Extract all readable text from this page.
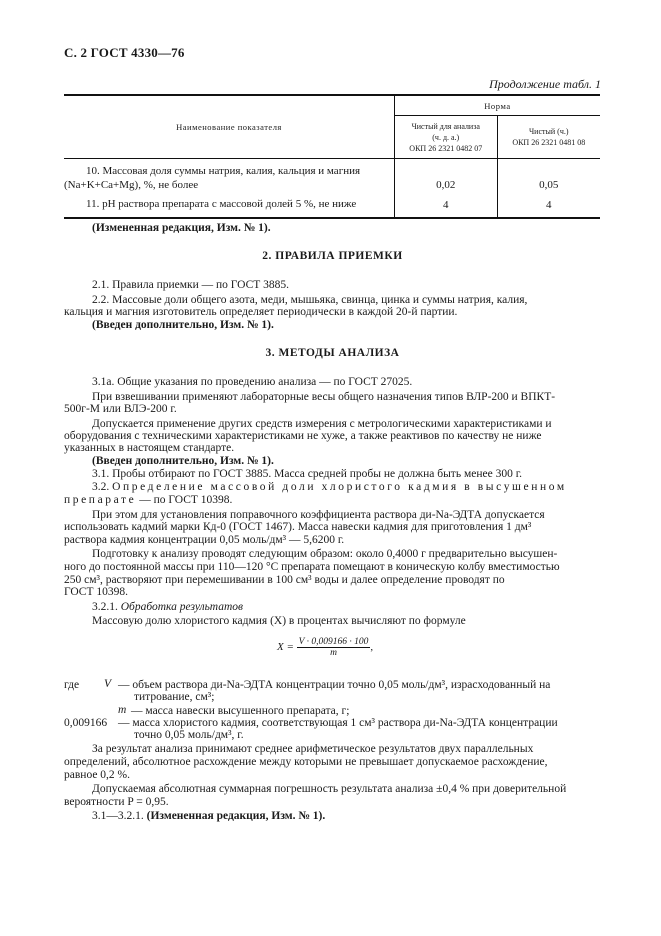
С. 2 ГОСТ 4330—76
Продолжение табл. 1
Наименование показателя	Норма	
	Чистый для анализа
(ч. д. а.)
ОКП 26 2321 0482 07	Чистый (ч.)
ОКП 26 2321 0481 08
10. Массовая доля суммы натрия, калия, кальция и магния
(Na+K+Ca+Mg), %, не более	0,02	0,05
11. pH раствора препарата с массовой долей 5 %, не ниже	4	4
(Измененная редакция, Изм. № 1).
2. ПРАВИЛА ПРИЕМКИ
2.1. Правила приемки — по ГОСТ 3885.
2.2. Массовые доли общего азота, меди, мышьяка, свинца, цинка и суммы натрия, калия,
кальция и магния изготовитель определяет периодически в каждой 20-й партии.
(Введен дополнительно, Изм. № 1).
3. МЕТОДЫ АНАЛИЗА
3.1а. Общие указания по проведению анализа — по ГОСТ 27025.
При взвешивании применяют лабораторные весы общего назначения типов ВЛР-200 и ВПКТ-
500г-М или ВЛЭ-200 г.
Допускается применение других средств измерения с метрологическими характеристиками и
оборудования с техническими характеристиками не хуже, а также реактивов по качеству не ниже
указанных в настоящем стандарте.
(Введен дополнительно, Изм. № 1).
3.1. Пробы отбирают по ГОСТ 3885. Масса средней пробы не должна быть менее 300 г.
3.2. Определение массовой доли хлористого кадмия в высушенном
препарате — по ГОСТ 10398.
При этом для установления поправочного коэффициента раствора ди-Na-ЭДТА допускается
использовать кадмий марки Кд-0 (ГОСТ 1467). Масса навески кадмия для приготовления 1 дм³
раствора кадмия концентрации 0,05 моль/дм³ — 5,6200 г.
Подготовку к анализу проводят следующим образом: около 0,4000 г предварительно высушен-
ного до постоянной массы при 110—120 °С препарата помещают в коническую колбу вместимостью
250 см³, растворяют при перемешивании в 100 см³ воды и далее определение проводят по
ГОСТ 10398.
3.2.1. Обработка результатов
Массовую долю хлористого кадмия (X) в процентах вычисляют по формуле
$X = \frac{V \cdot 0,009166 \cdot 100}{m}$ ,
где	V — объем раствора ди-Na-ЭДТА концентрации точно 0,05 моль/дм³, израсходованный на
титрование, см³;
m — масса навески высушенного препарата, г;
0,009166 — масса хлористого кадмия, соответствующая 1 см³ раствора ди-Na-ЭДТА концентрации
точно 0,05 моль/дм³, г.
За результат анализа принимают среднее арифметическое результатов двух параллельных
определений, абсолютное расхождение между которыми не превышает допускаемое расхождение,
равное 0,2 %.
Допускаемая абсолютная суммарная погрешность результата анализа ±0,4 % при доверительной
вероятности P = 0,95.
3.1—3.2.1. (Измененная редакция, Изм. № 1).
